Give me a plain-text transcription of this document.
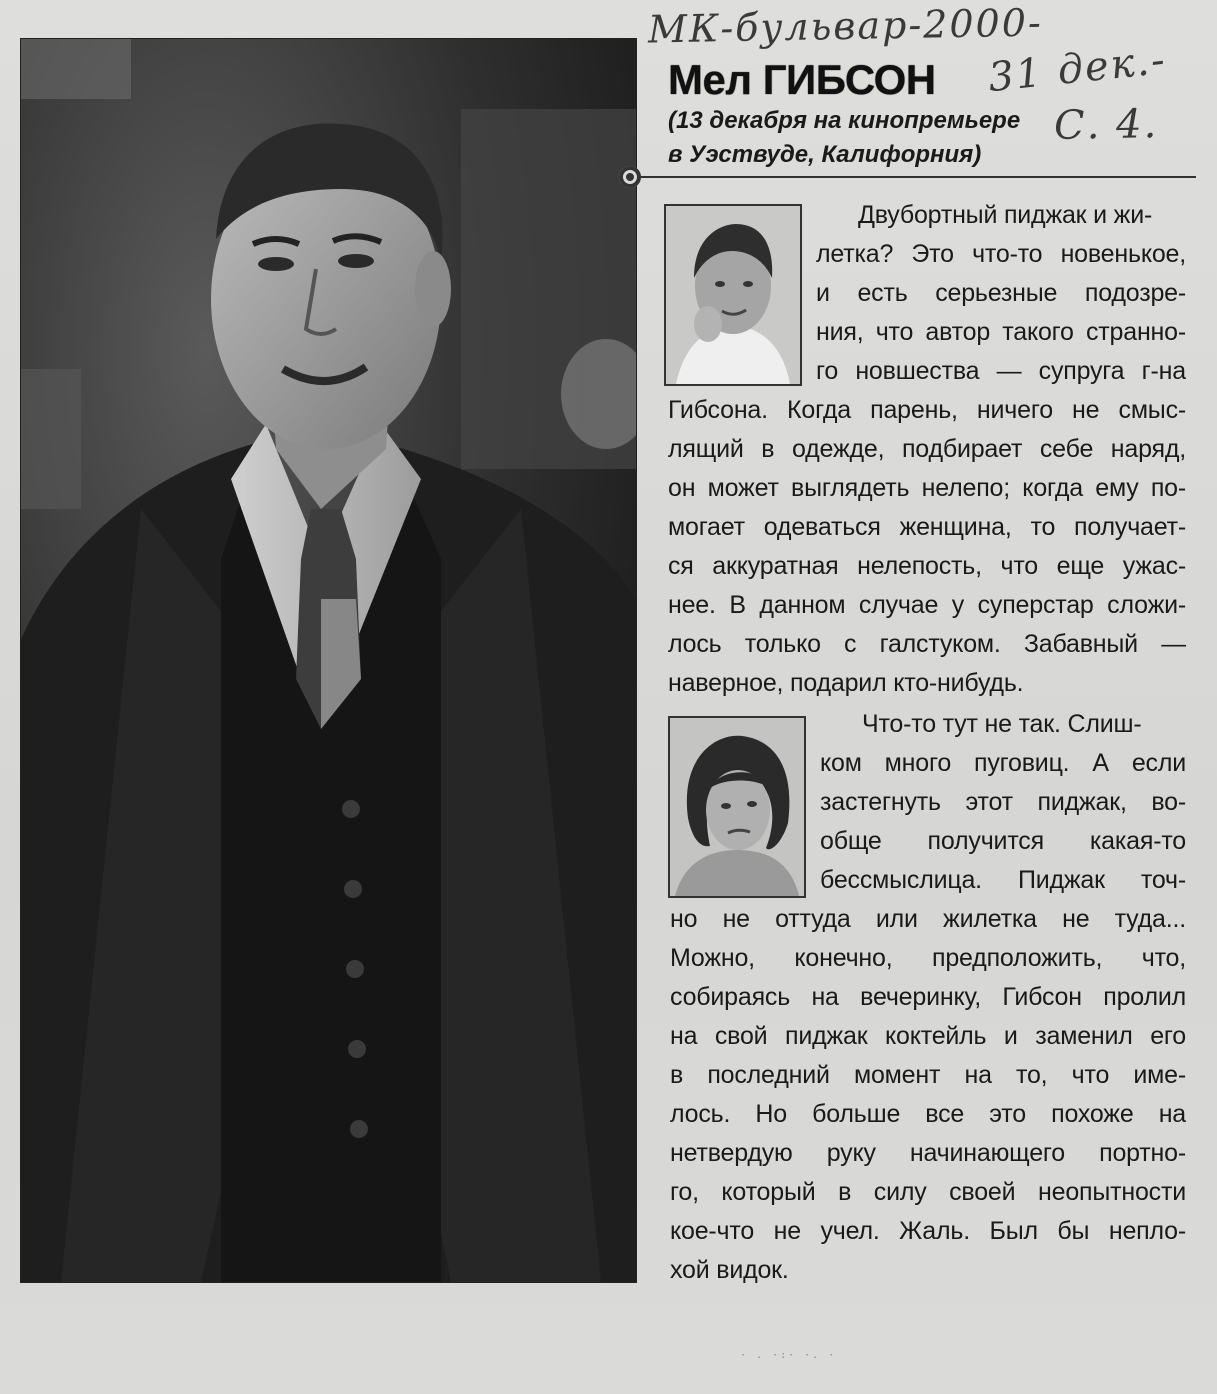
МК-бульвар-2000-
31 дек.-
С. 4.
Мел ГИБСОН
(13 декабря на кинопремьере в Уэствуде, Калифорния)
Двубортный пиджак и жи-
летка? Это что-то новенькое,
и есть серьезные подозре-
ния, что автор такого странно-
го новшества — супруга г-на
Гибсона. Когда парень, ничего не смыс-
лящий в одежде, подбирает себе наряд,
он может выглядеть нелепо; когда ему по-
могает одеваться женщина, то получает-
ся аккуратная нелепость, что еще ужас-
нее. В данном случае у суперстар сложи-
лось только с галстуком. Забавный —
наверное, подарил кто-нибудь.
Что-то тут не так. Слиш-
ком много пуговиц. А если
застегнуть этот пиджак, во-
обще получится какая-то
бессмыслица. Пиджак точ-
но не оттуда или жилетка не туда...
Можно, конечно, предположить, что,
собираясь на вечеринку, Гибсон пролил
на свой пиджак коктейль и заменил его
в последний момент на то, что име-
лось. Но больше все это похоже на
нетвердую руку начинающего портно-
го, который в силу своей неопытности
кое-что не учел. Жаль. Был бы непло-
хой видок.
· . ·:· ·. ·
